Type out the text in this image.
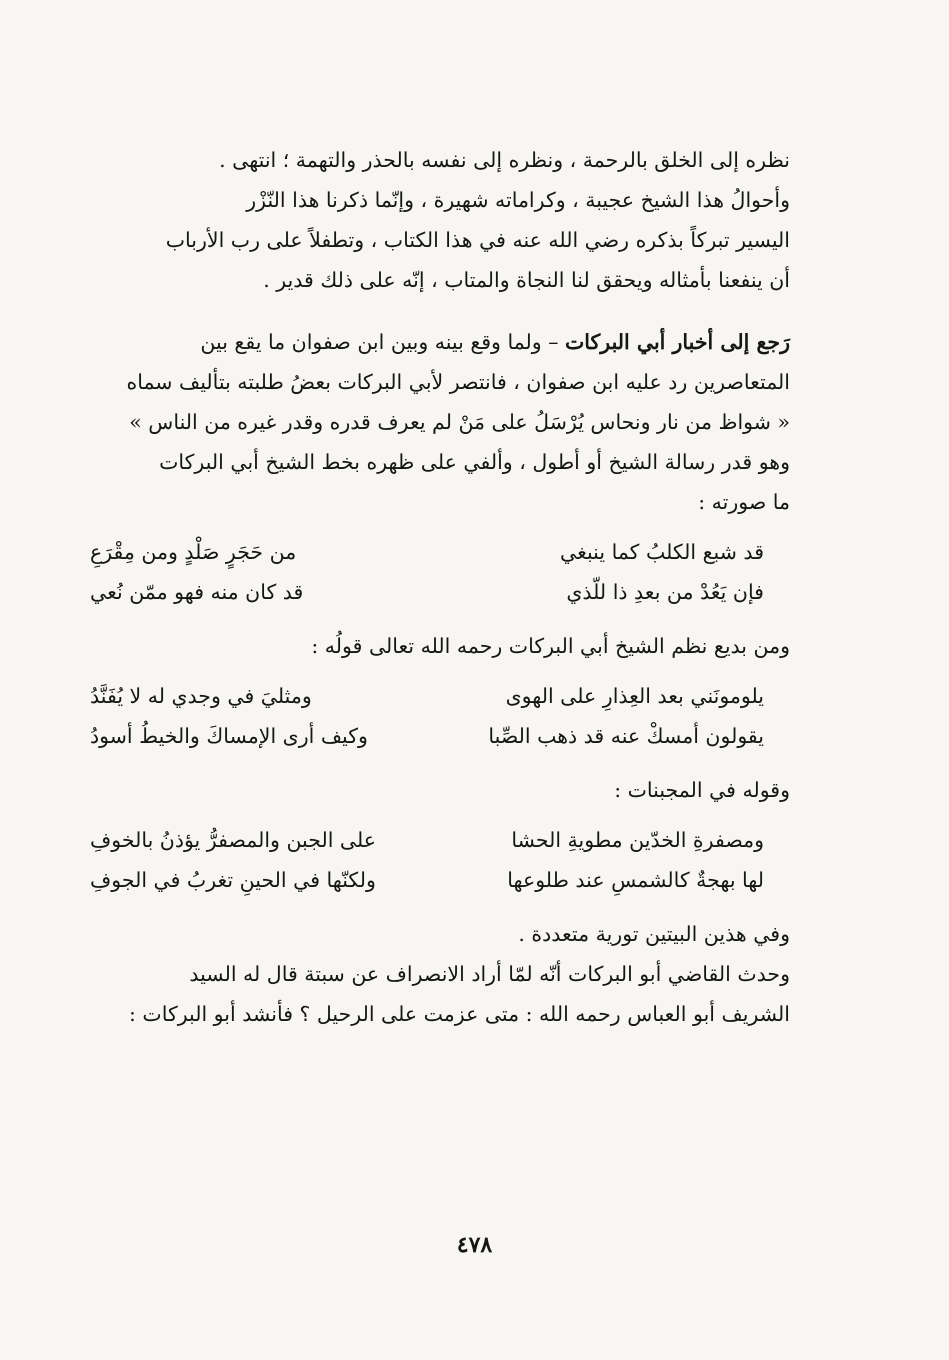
نظره إلى الخلق بالرحمة ، ونظره إلى نفسه بالحذر والتهمة ؛ انتهى .
وأحوالُ هذا الشيخ عجيبة ، وكراماته شهيرة ، وإنّما ذكرنا هذا النّزْر
اليسير تبركاً بذكره رضي الله عنه في هذا الكتاب ، وتطفلاً على رب الأرباب
أن ينفعنا بأمثاله ويحقق لنا النجاة والمتاب ، إنّه على ذلك قدير .
رَجع إلى أخبار أبي البركات – ولما وقع بينه وبين ابن صفوان ما يقع بين
المتعاصرين رد عليه ابن صفوان ، فانتصر لأبي البركات بعضُ طلبته بتأليف سماه
« شواظ من نار ونحاس يُرْسَلُ على مَنْ لم يعرف قدره وقدر غيره من الناس »
وهو قدر رسالة الشيخ أو أطول ، وألفي على ظهره بخط الشيخ أبي البركات
ما صورته :
قد شبع الكلبُ كما ينبغي
من حَجَرٍ صَلْدٍ ومن مِقْرَعِ
فإن يَعُدْ من بعدِ ذا للّذي
قد كان منه فهو ممّن نُعي
ومن بديع نظم الشيخ أبي البركات رحمه الله تعالى قولُه :
يلومونَني بعد العِذارِ على الهوى
ومثليَ في وجدي له لا يُفَنَّدُ
يقولون أمسكْ عنه قد ذهب الصِّبا
وكيف أرى الإمساكَ والخيطُ أسودُ
وقوله في المجبنات :
ومصفرةِ الخدّين مطويةِ الحشا
على الجبن والمصفرُّ يؤذنُ بالخوفِ
لها بهجةٌ كالشمسِ عند طلوعها
ولكنّها في الحينِ تغربُ في الجوفِ
وفي هذين البيتين تورية متعددة .
وحدث القاضي أبو البركات أنّه لمّا أراد الانصراف عن سبتة قال له السيد
الشريف أبو العباس رحمه الله : متى عزمت على الرحيل ؟ فأنشد أبو البركات :
٤٧٨
